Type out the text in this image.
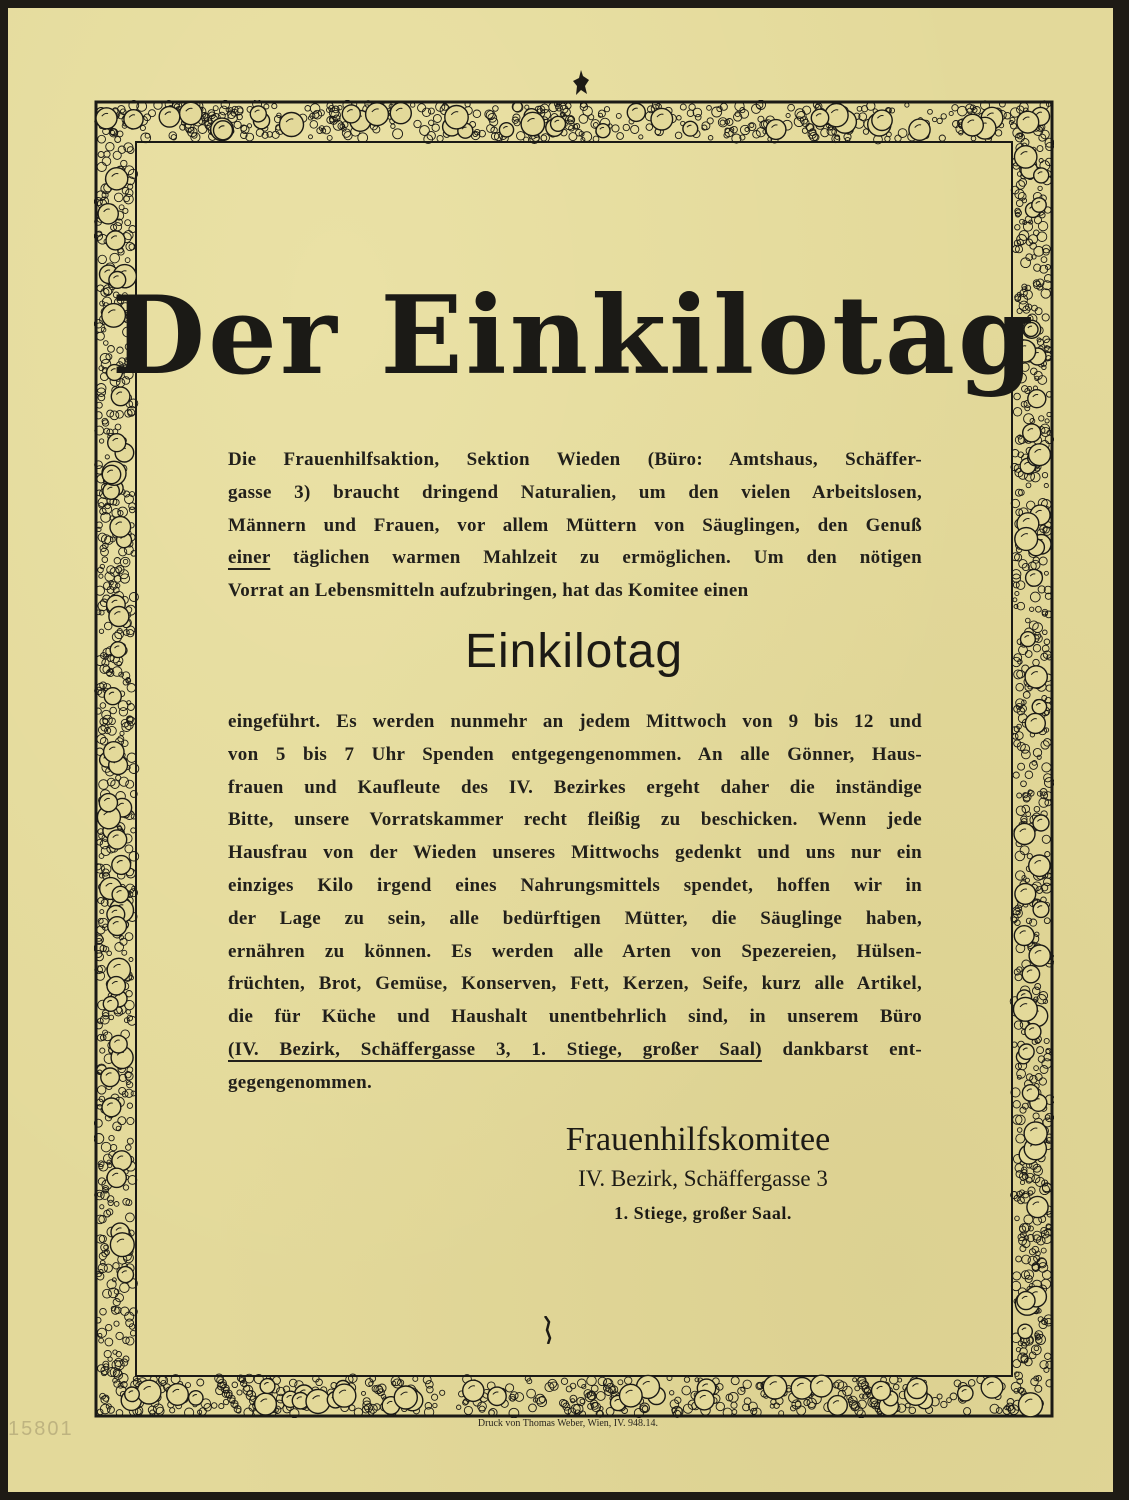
Der Einkilotag
Die Frauenhilfsaktion, Sektion Wieden (Büro: Amtshaus, Schäffer-
gasse 3) braucht dringend Naturalien, um den vielen Arbeitslosen,
Männern und Frauen, vor allem Müttern von Säuglingen, den Genuß
einer täglichen warmen Mahlzeit zu ermöglichen. Um den nötigen
Vorrat an Lebensmitteln aufzubringen, hat das Komitee einen
Einkilotag
eingeführt. Es werden nunmehr an jedem Mittwoch von 9 bis 12 und
von 5 bis 7 Uhr Spenden entgegengenommen. An alle Gönner, Haus-
frauen und Kaufleute des IV. Bezirkes ergeht daher die inständige
Bitte, unsere Vorratskammer recht fleißig zu beschicken. Wenn jede
Hausfrau von der Wieden unseres Mittwochs gedenkt und uns nur ein
einziges Kilo irgend eines Nahrungsmittels spendet, hoffen wir in
der Lage zu sein, alle bedürftigen Mütter, die Säuglinge haben,
ernähren zu können. Es werden alle Arten von Spezereien, Hülsen-
früchten, Brot, Gemüse, Konserven, Fett, Kerzen, Seife, kurz alle Artikel,
die für Küche und Haushalt unentbehrlich sind, in unserem Büro
(IV. Bezirk, Schäffergasse 3, 1. Stiege, großer Saal) dankbarst ent-
gegengenommen.
Frauenhilfskomitee
IV. Bezirk, Schäffergasse 3
1. Stiege, großer Saal.
Druck von Thomas Weber, Wien, IV. 948.14.
15801
